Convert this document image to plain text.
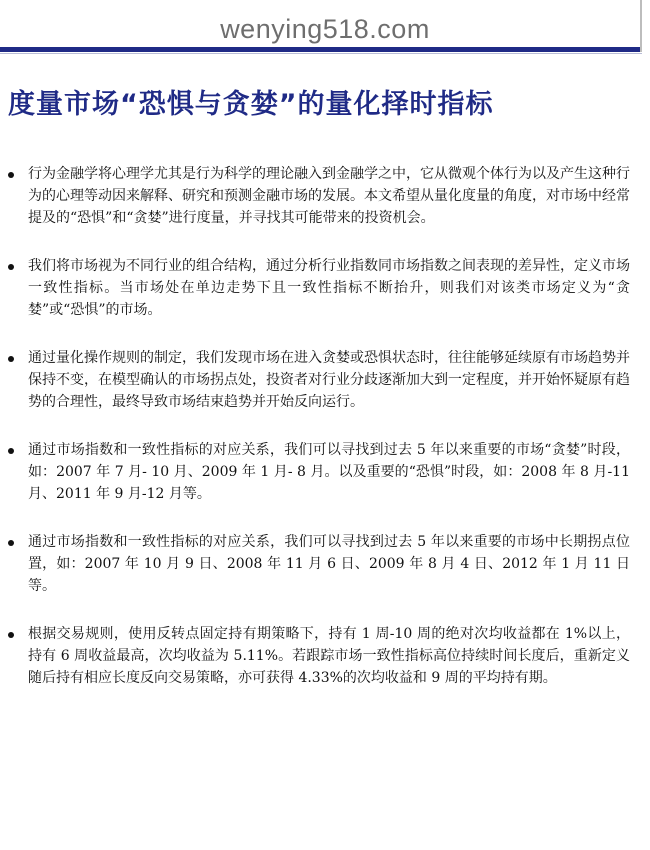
wenying518.com
度量市场“恐惧与贪婪”的量化择时指标
行为金融学将心理学尤其是行为科学的理论融入到金融学之中，它从微观个体行为以及产生这种行为的心理等动因来解释、研究和预测金融市场的发展。本文希望从量化度量的角度，对市场中经常提及的“恐惧”和“贪婪”进行度量，并寻找其可能带来的投资机会。
我们将市场视为不同行业的组合结构，通过分析行业指数同市场指数之间表现的差异性，定义市场一致性指标。当市场处在单边走势下且一致性指标不断抬升，则我们对该类市场定义为“贪婪”或“恐惧”的市场。
通过量化操作规则的制定，我们发现市场在进入贪婪或恐惧状态时，往往能够延续原有市场趋势并保持不变，在模型确认的市场拐点处，投资者对行业分歧逐渐加大到一定程度，并开始怀疑原有趋势的合理性，最终导致市场结束趋势并开始反向运行。
通过市场指数和一致性指标的对应关系，我们可以寻找到过去 5 年以来重要的市场“贪婪”时段，如：2007 年 7 月- 10 月、2009 年 1 月- 8 月。以及重要的“恐惧”时段，如：2008 年 8 月-11 月、2011 年 9 月-12 月等。
通过市场指数和一致性指标的对应关系，我们可以寻找到过去 5 年以来重要的市场中长期拐点位置，如：2007 年 10 月 9 日、2008 年 11 月 6 日、2009 年 8 月 4 日、2012 年 1 月 11 日等。
根据交易规则，使用反转点固定持有期策略下，持有 1 周-10 周的绝对次均收益都在 1%以上，持有 6 周收益最高，次均收益为 5.11%。若跟踪市场一致性指标高位持续时间长度后，重新定义随后持有相应长度反向交易策略，亦可获得 4.33%的次均收益和 9 周的平均持有期。
